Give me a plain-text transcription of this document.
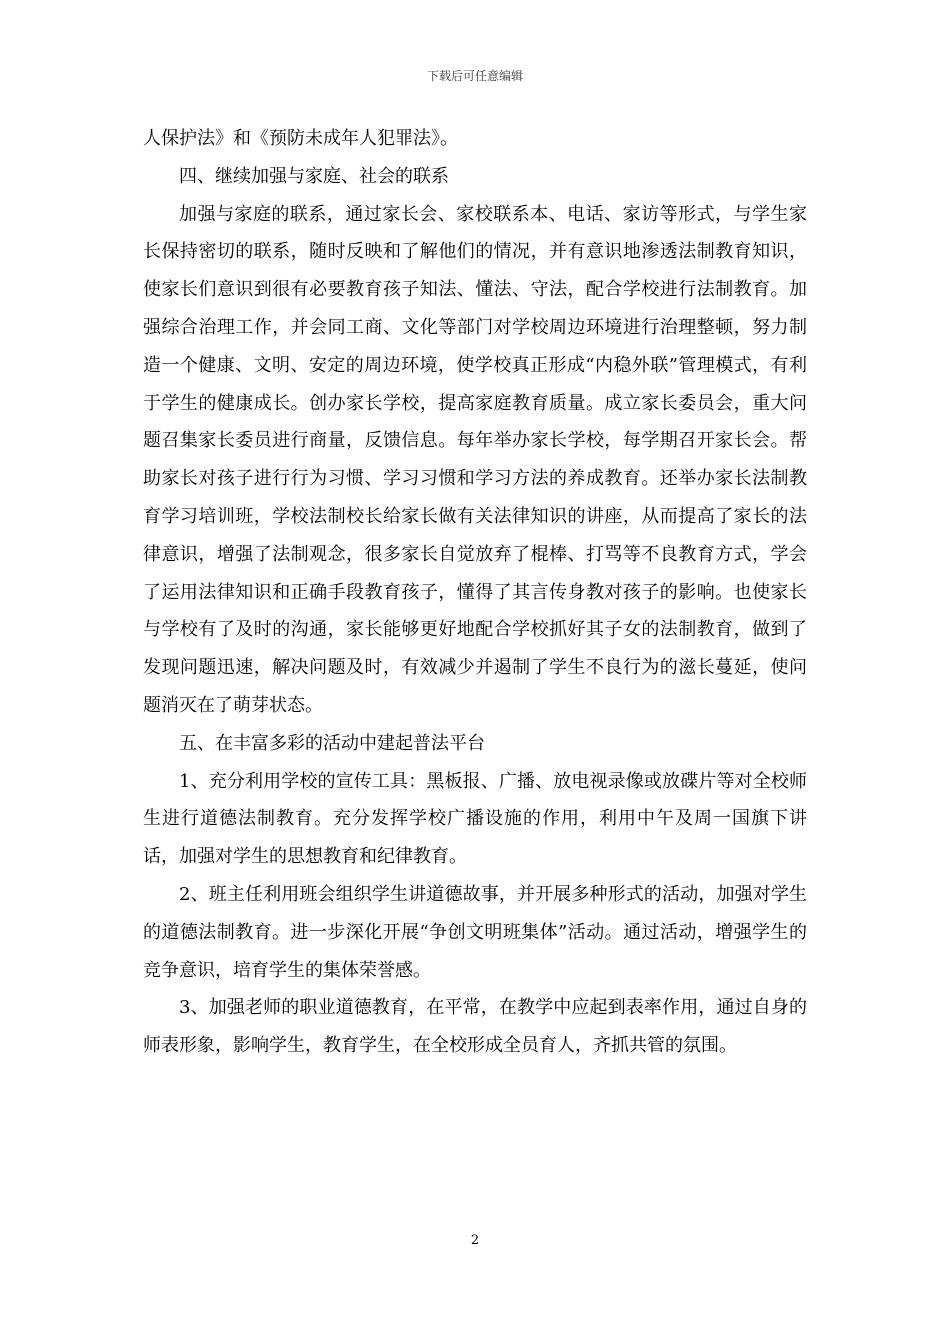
下载后可任意编辑

人保护法》和《预防未成年人犯罪法》。

四、继续加强与家庭、社会的联系

加强与家庭的联系，通过家长会、家校联系本、电话、家访等形式，与学生家长保持密切的联系，随时反映和了解他们的情况，并有意识地渗透法制教育知识，使家长们意识到很有必要教育孩子知法、懂法、守法，配合学校进行法制教育。加强综合治理工作，并会同工商、文化等部门对学校周边环境进行治理整顿，努力制造一个健康、文明、安定的周边环境，使学校真正形成“内稳外联”管理模式，有利于学生的健康成长。创办家长学校，提高家庭教育质量。成立家长委员会，重大问题召集家长委员进行商量，反馈信息。每年举办家长学校，每学期召开家长会。帮助家长对孩子进行行为习惯、学习习惯和学习方法的养成教育。还举办家长法制教育学习培训班，学校法制校长给家长做有关法律知识的讲座，从而提高了家长的法律意识，增强了法制观念，很多家长自觉放弃了棍棒、打骂等不良教育方式，学会了运用法律知识和正确手段教育孩子，懂得了其言传身教对孩子的影响。也使家长与学校有了及时的沟通，家长能够更好地配合学校抓好其子女的法制教育，做到了发现问题迅速，解决问题及时，有效减少并遏制了学生不良行为的滋长蔓延，使问题消灭在了萌芽状态。

五、在丰富多彩的活动中建起普法平台

1、充分利用学校的宣传工具：黑板报、广播、放电视录像或放碟片等对全校师生进行道德法制教育。充分发挥学校广播设施的作用，利用中午及周一国旗下讲话，加强对学生的思想教育和纪律教育。

2、班主任利用班会组织学生讲道德故事，并开展多种形式的活动，加强对学生的道德法制教育。进一步深化开展“争创文明班集体”活动。通过活动，增强学生的竞争意识，培育学生的集体荣誉感。

3、加强老师的职业道德教育，在平常，在教学中应起到表率作用，通过自身的师表形象，影响学生，教育学生，在全校形成全员育人，齐抓共管的氛围。

2
